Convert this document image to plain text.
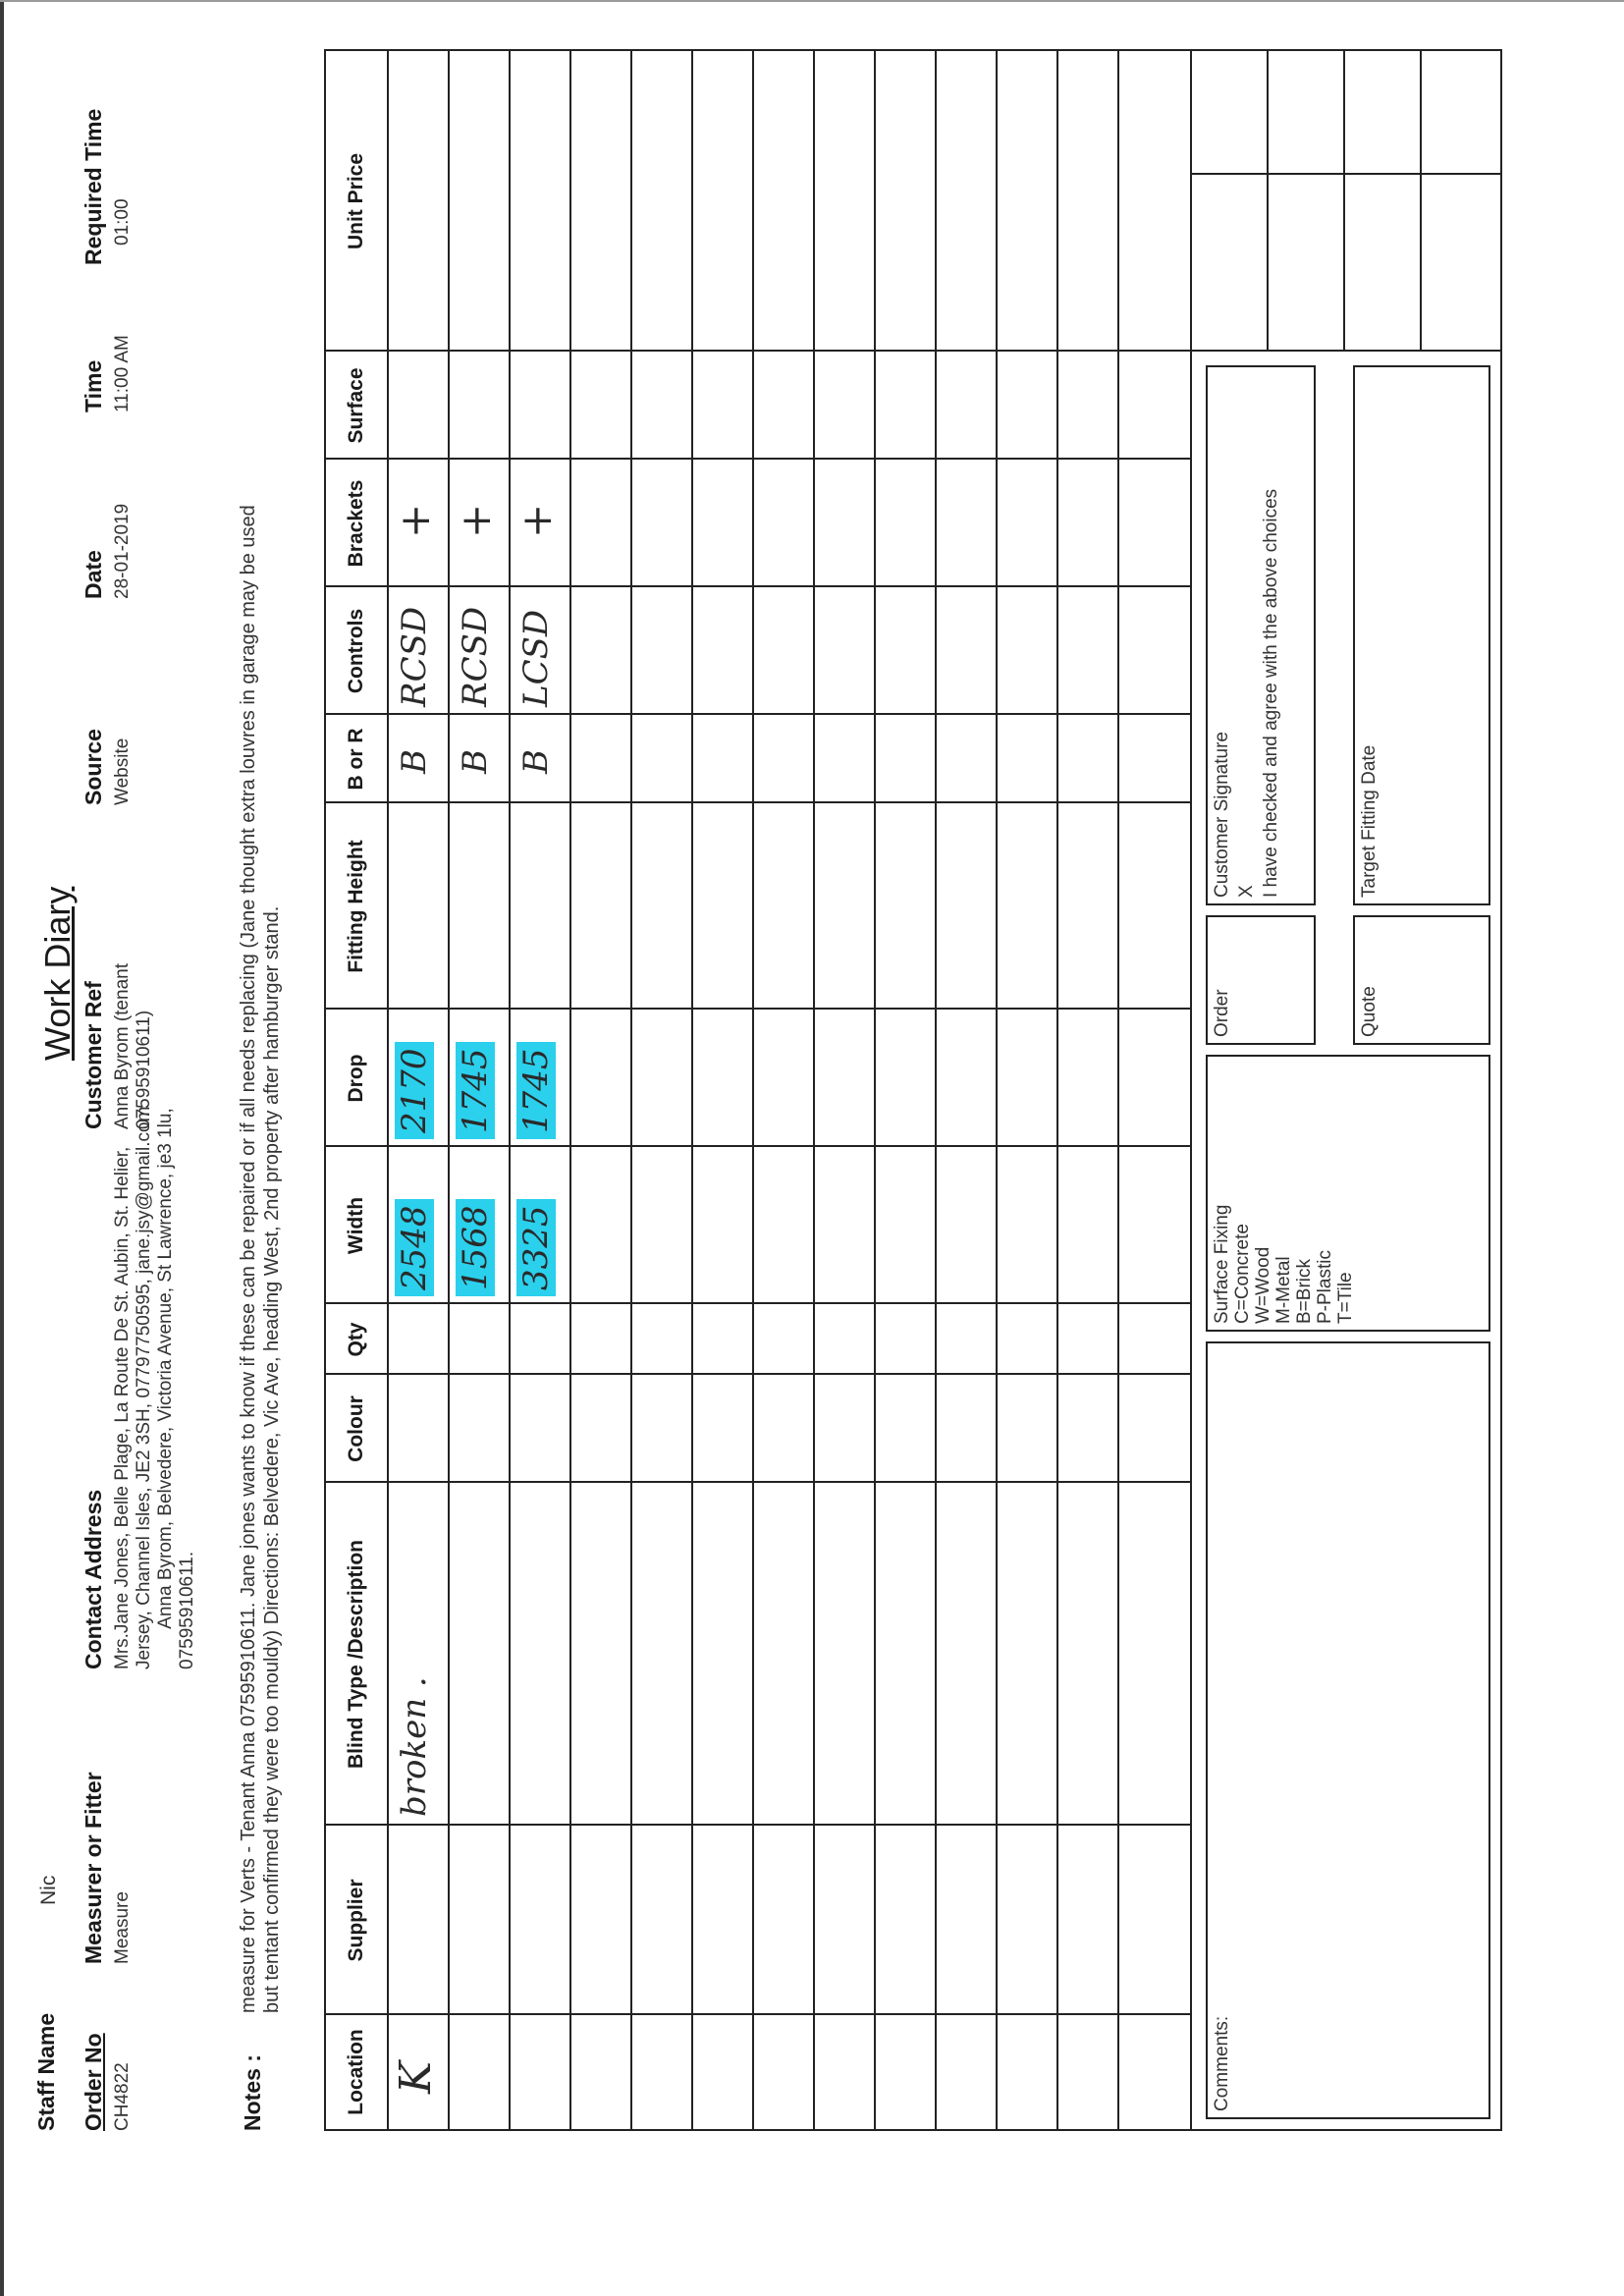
Staff Name
Nic
Work Diary
Order No
Measurer or Fitter
Contact Address
Customer Ref
Source
Date
Time
Required Time
CH4822
Measure
Mrs.Jane Jones, Belle Plage, La Route De St. Aubin, St. Helier,
Jersey, Channel Isles, JE2 3SH, 07797750595, jane.jsy@gmail.com
Anna Byrom, Belvedere, Victoria Avenue, St Lawrence, je3 1lu,
07595910611.
Anna Byrom (tenant
07595910611)
Website
28-01-2019
11:00 AM
01:00
Notes :
measure for Verts - Tenant Anna 07595910611. Jane jones wants to know if these can be repaired or if all needs replacing (Jane thought extra louvres in garage may be used but tentant confirmed they were too mouldy) Directions: Belvedere, Vic Ave, heading West, 2nd property after hamburger stand.
Location
Supplier
Blind Type /Description
Colour
Qty
Width
Drop
Fitting Height
B or R
Controls
Brackets
Surface
Unit Price
K
broken .
2548
2170
B
RCSD
+
1568
1745
B
RCSD
+
3325
1745
B
LCSD
+
Comments:
Surface Fixing
C=Concrete
W=Wood
M-Metal
B=Brick
P-Plastic
T=Tile
Order	Quote
Customer Signature X I have checked and agree with the above choices	Target Fitting Date
